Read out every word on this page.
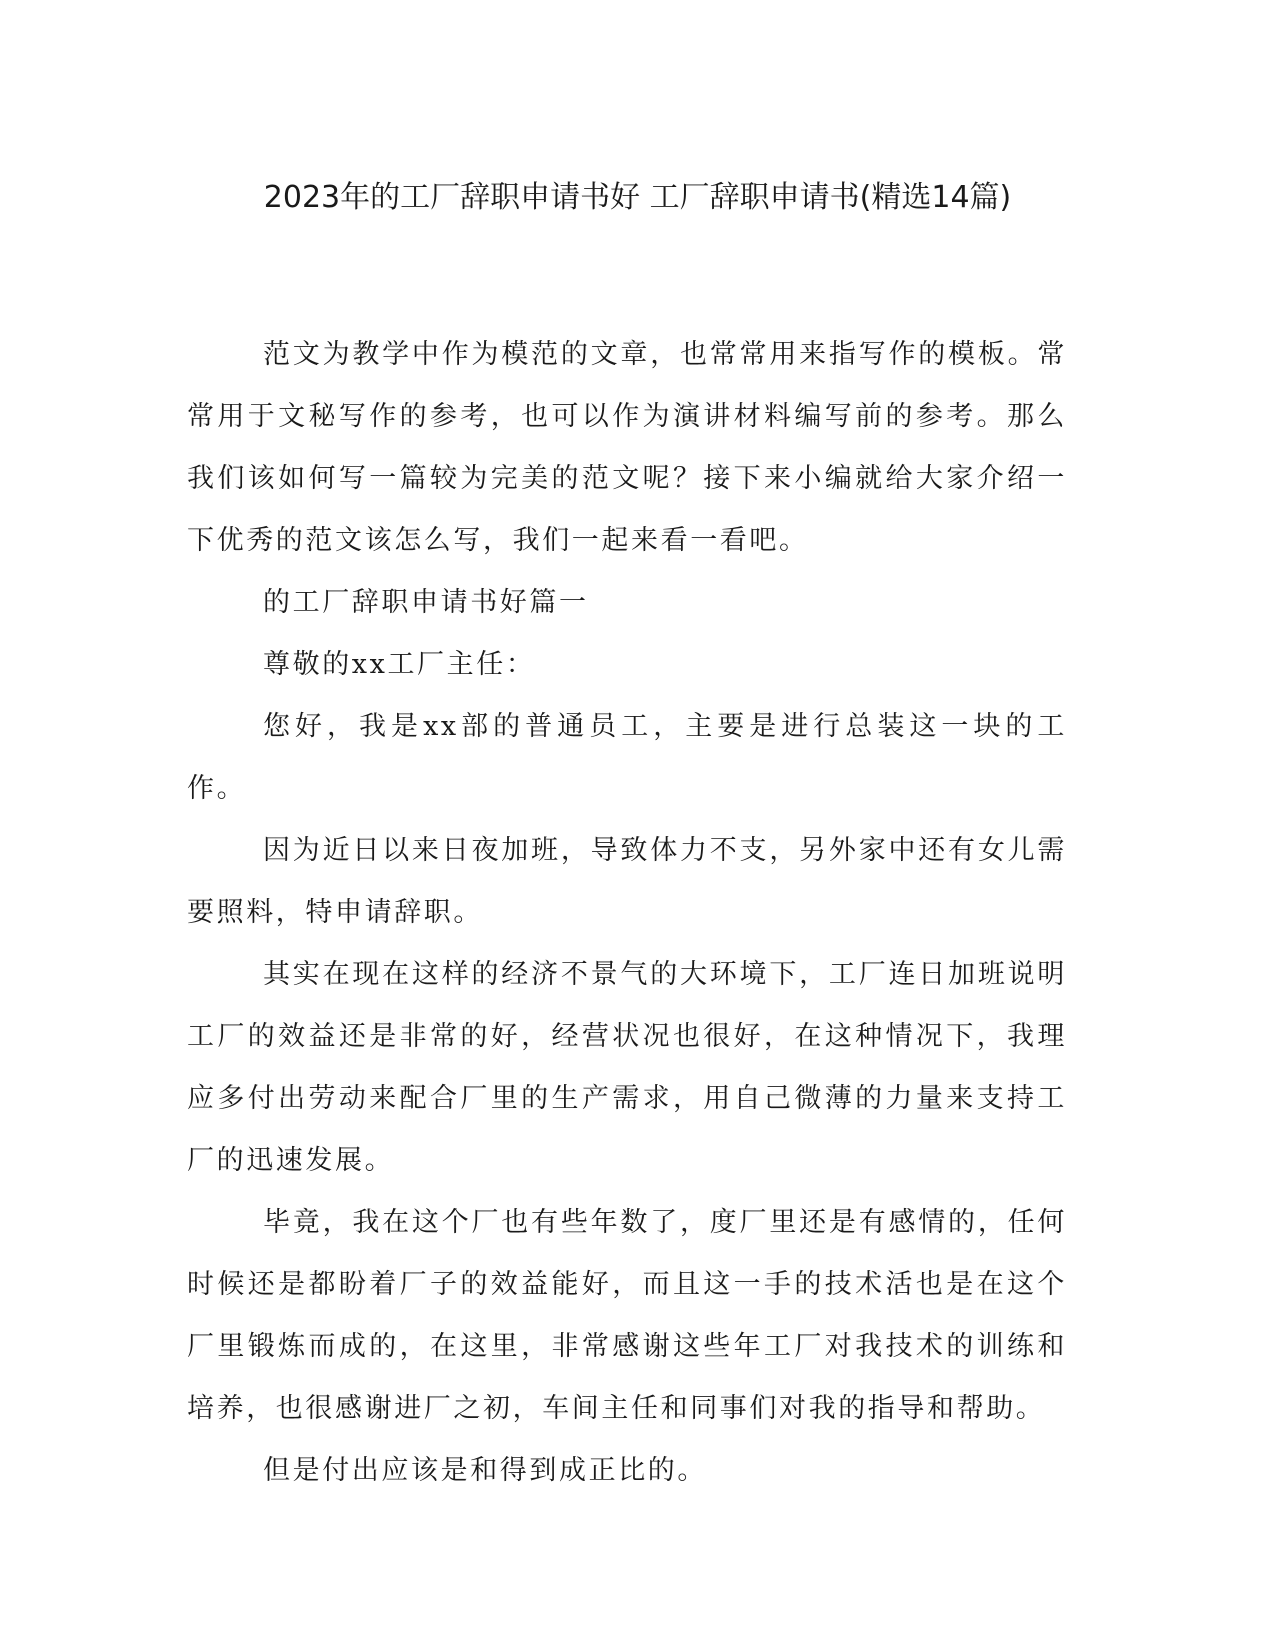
2023年的工厂辞职申请书好 工厂辞职申请书(精选14篇)

范文为教学中作为模范的文章，也常常用来指写作的模板。常常用于文秘写作的参考，也可以作为演讲材料编写前的参考。那么我们该如何写一篇较为完美的范文呢？接下来小编就给大家介绍一下优秀的范文该怎么写，我们一起来看一看吧。

的工厂辞职申请书好篇一

尊敬的xx工厂主任：

您好，我是xx部的普通员工，主要是进行总装这一块的工作。

因为近日以来日夜加班，导致体力不支，另外家中还有女儿需要照料，特申请辞职。

其实在现在这样的经济不景气的大环境下，工厂连日加班说明工厂的效益还是非常的好，经营状况也很好，在这种情况下，我理应多付出劳动来配合厂里的生产需求，用自己微薄的力量来支持工厂的迅速发展。

毕竟，我在这个厂也有些年数了，度厂里还是有感情的，任何时候还是都盼着厂子的效益能好，而且这一手的技术活也是在这个厂里锻炼而成的，在这里，非常感谢这些年工厂对我技术的训练和培养，也很感谢进厂之初，车间主任和同事们对我的指导和帮助。

但是付出应该是和得到成正比的。
